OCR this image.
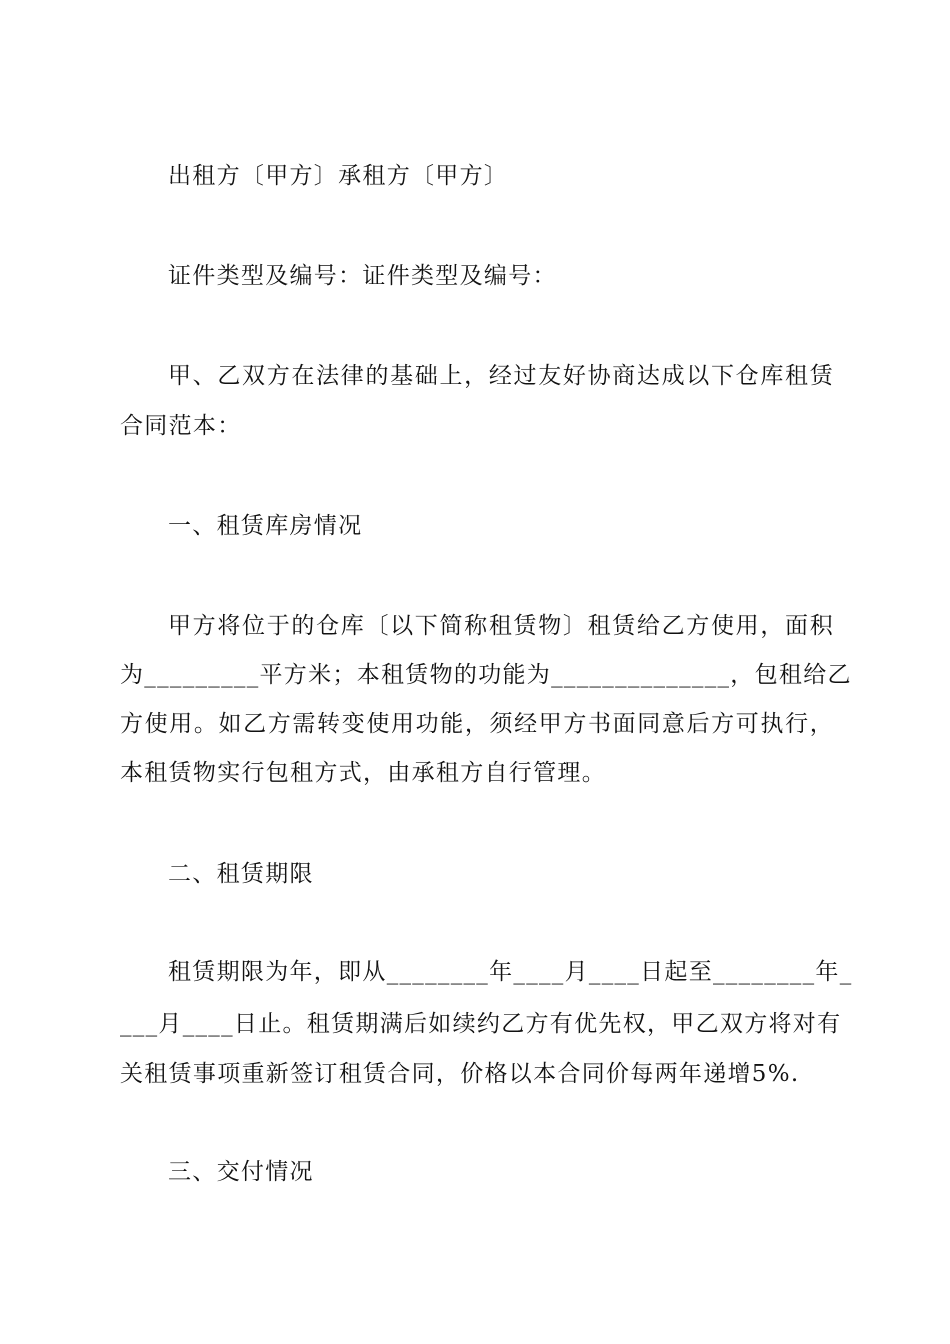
出租方〔甲方〕承租方〔甲方〕
证件类型及编号：证件类型及编号：
甲、乙双方在法律的基础上，经过友好协商达成以下仓库租赁
合同范本：
一、租赁库房情况
甲方将位于的仓库〔以下简称租赁物〕租赁给乙方使用，面积
为_________平方米；本租赁物的功能为______________，包租给乙
方使用。如乙方需转变使用功能，须经甲方书面同意后方可执行，
本租赁物实行包租方式，由承租方自行管理。
二、租赁期限
租赁期限为年，即从________年____月____日起至________年_
___月____日止。租赁期满后如续约乙方有优先权，甲乙双方将对有
关租赁事项重新签订租赁合同，价格以本合同价每两年递增5%.
三、交付情况
